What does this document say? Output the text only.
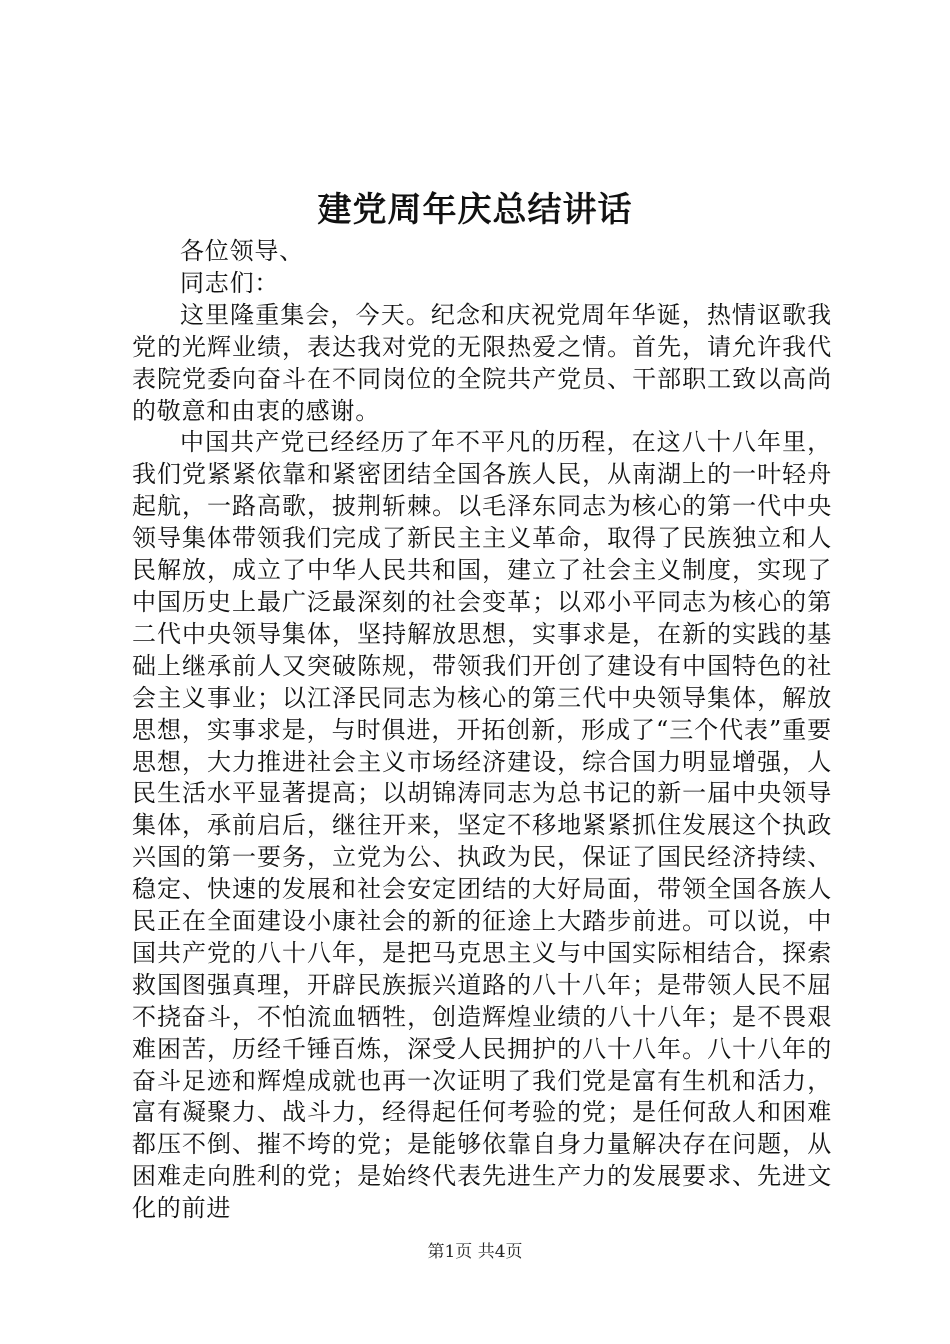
建党周年庆总结讲话

各位领导、

同志们：

这里隆重集会，今天。纪念和庆祝党周年华诞，热情讴歌我党的光辉业绩，表达我对党的无限热爱之情。首先，请允许我代表院党委向奋斗在不同岗位的全院共产党员、干部职工致以高尚的敬意和由衷的感谢。

中国共产党已经经历了年不平凡的历程，在这八十八年里，我们党紧紧依靠和紧密团结全国各族人民，从南湖上的一叶轻舟起航，一路高歌，披荆斩棘。以毛泽东同志为核心的第一代中央领导集体带领我们完成了新民主主义革命，取得了民族独立和人民解放，成立了中华人民共和国，建立了社会主义制度，实现了中国历史上最广泛最深刻的社会变革；以邓小平同志为核心的第二代中央领导集体，坚持解放思想，实事求是，在新的实践的基础上继承前人又突破陈规，带领我们开创了建设有中国特色的社会主义事业；以江泽民同志为核心的第三代中央领导集体，解放思想，实事求是，与时俱进，开拓创新，形成了“三个代表”重要思想，大力推进社会主义市场经济建设，综合国力明显增强，人民生活水平显著提高；以胡锦涛同志为总书记的新一届中央领导集体，承前启后，继往开来，坚定不移地紧紧抓住发展这个执政兴国的第一要务，立党为公、执政为民，保证了国民经济持续、稳定、快速的发展和社会安定团结的大好局面，带领全国各族人民正在全面建设小康社会的新的征途上大踏步前进。可以说，中国共产党的八十八年，是把马克思主义与中国实际相结合，探索救国图强真理，开辟民族振兴道路的八十八年；是带领人民不屈不挠奋斗，不怕流血牺牲，创造辉煌业绩的八十八年；是不畏艰难困苦，历经千锤百炼，深受人民拥护的八十八年。八十八年的奋斗足迹和辉煌成就也再一次证明了我们党是富有生机和活力，富有凝聚力、战斗力，经得起任何考验的党；是任何敌人和困难都压不倒、摧不垮的党；是能够依靠自身力量解决存在问题，从困难走向胜利的党；是始终代表先进生产力的发展要求、先进文化的前进

第1页 共4页
